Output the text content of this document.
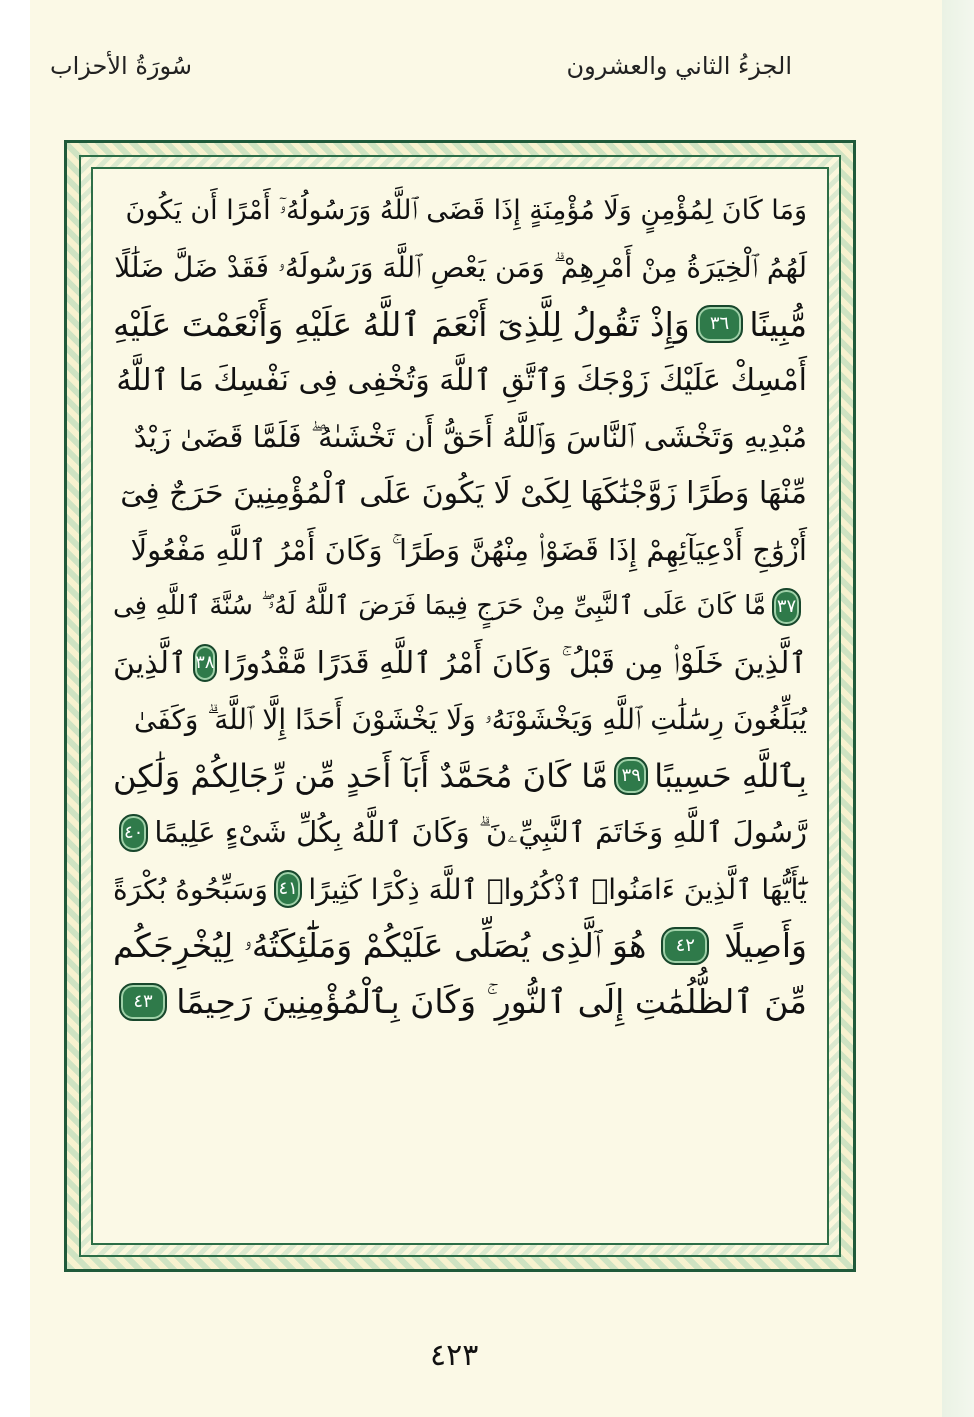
الجزءُ الثاني والعشرون
سُورَةُ الأحزاب
وَمَا كَانَ لِمُؤْمِنٍ وَلَا مُؤْمِنَةٍ إِذَا قَضَى ٱللَّهُ وَرَسُولُهُۥٓ أَمْرًا أَن يَكُونَ
لَهُمُ ٱلْخِيَرَةُ مِنْ أَمْرِهِمْ ۗ وَمَن يَعْصِ ٱللَّهَ وَرَسُولَهُۥ فَقَدْ ضَلَّ ضَلَٰلًا
مُّبِينًا
٣٦
وَإِذْ تَقُولُ لِلَّذِىٓ أَنْعَمَ ٱللَّهُ عَلَيْهِ وَأَنْعَمْتَ عَلَيْهِ
أَمْسِكْ عَلَيْكَ زَوْجَكَ وَٱتَّقِ ٱللَّهَ وَتُخْفِى فِى نَفْسِكَ مَا ٱللَّهُ
مُبْدِيهِ وَتَخْشَى ٱلنَّاسَ وَٱللَّهُ أَحَقُّ أَن تَخْشَىٰهُ ۖ فَلَمَّا قَضَىٰ زَيْدٌ
مِّنْهَا وَطَرًا زَوَّجْنَٰكَهَا لِكَىْ لَا يَكُونَ عَلَى ٱلْمُؤْمِنِينَ حَرَجٌ فِىٓ
أَزْوَٰجِ أَدْعِيَآئِهِمْ إِذَا قَضَوْا۟ مِنْهُنَّ وَطَرًا ۚ وَكَانَ أَمْرُ ٱللَّهِ مَفْعُولًا
٣٧
مَّا كَانَ عَلَى ٱلنَّبِىِّ مِنْ حَرَجٍ فِيمَا فَرَضَ ٱللَّهُ لَهُۥ ۖ سُنَّةَ ٱللَّهِ فِى
ٱلَّذِينَ خَلَوْا۟ مِن قَبْلُ ۚ وَكَانَ أَمْرُ ٱللَّهِ قَدَرًا مَّقْدُورًا
٣٨
ٱلَّذِينَ
يُبَلِّغُونَ رِسَٰلَٰتِ ٱللَّهِ وَيَخْشَوْنَهُۥ وَلَا يَخْشَوْنَ أَحَدًا إِلَّا ٱللَّهَ ۗ وَكَفَىٰ
بِٱللَّهِ حَسِيبًا
٣٩
مَّا كَانَ مُحَمَّدٌ أَبَآ أَحَدٍ مِّن رِّجَالِكُمْ وَلَٰكِن
رَّسُولَ ٱللَّهِ وَخَاتَمَ ٱلنَّبِيِّۦنَ ۗ وَكَانَ ٱللَّهُ بِكُلِّ شَىْءٍ عَلِيمًا
٤٠
يَٰٓأَيُّهَا ٱلَّذِينَ ءَامَنُوا۟ ٱذْكُرُوا۟ ٱللَّهَ ذِكْرًا كَثِيرًا
٤١
وَسَبِّحُوهُ بُكْرَةً
وَأَصِيلًا
٤٢
هُوَ ٱلَّذِى يُصَلِّى عَلَيْكُمْ وَمَلَٰٓئِكَتُهُۥ لِيُخْرِجَكُم
مِّنَ ٱلظُّلُمَٰتِ إِلَى ٱلنُّورِ ۚ وَكَانَ بِٱلْمُؤْمِنِينَ رَحِيمًا
٤٣
٤٢٣
